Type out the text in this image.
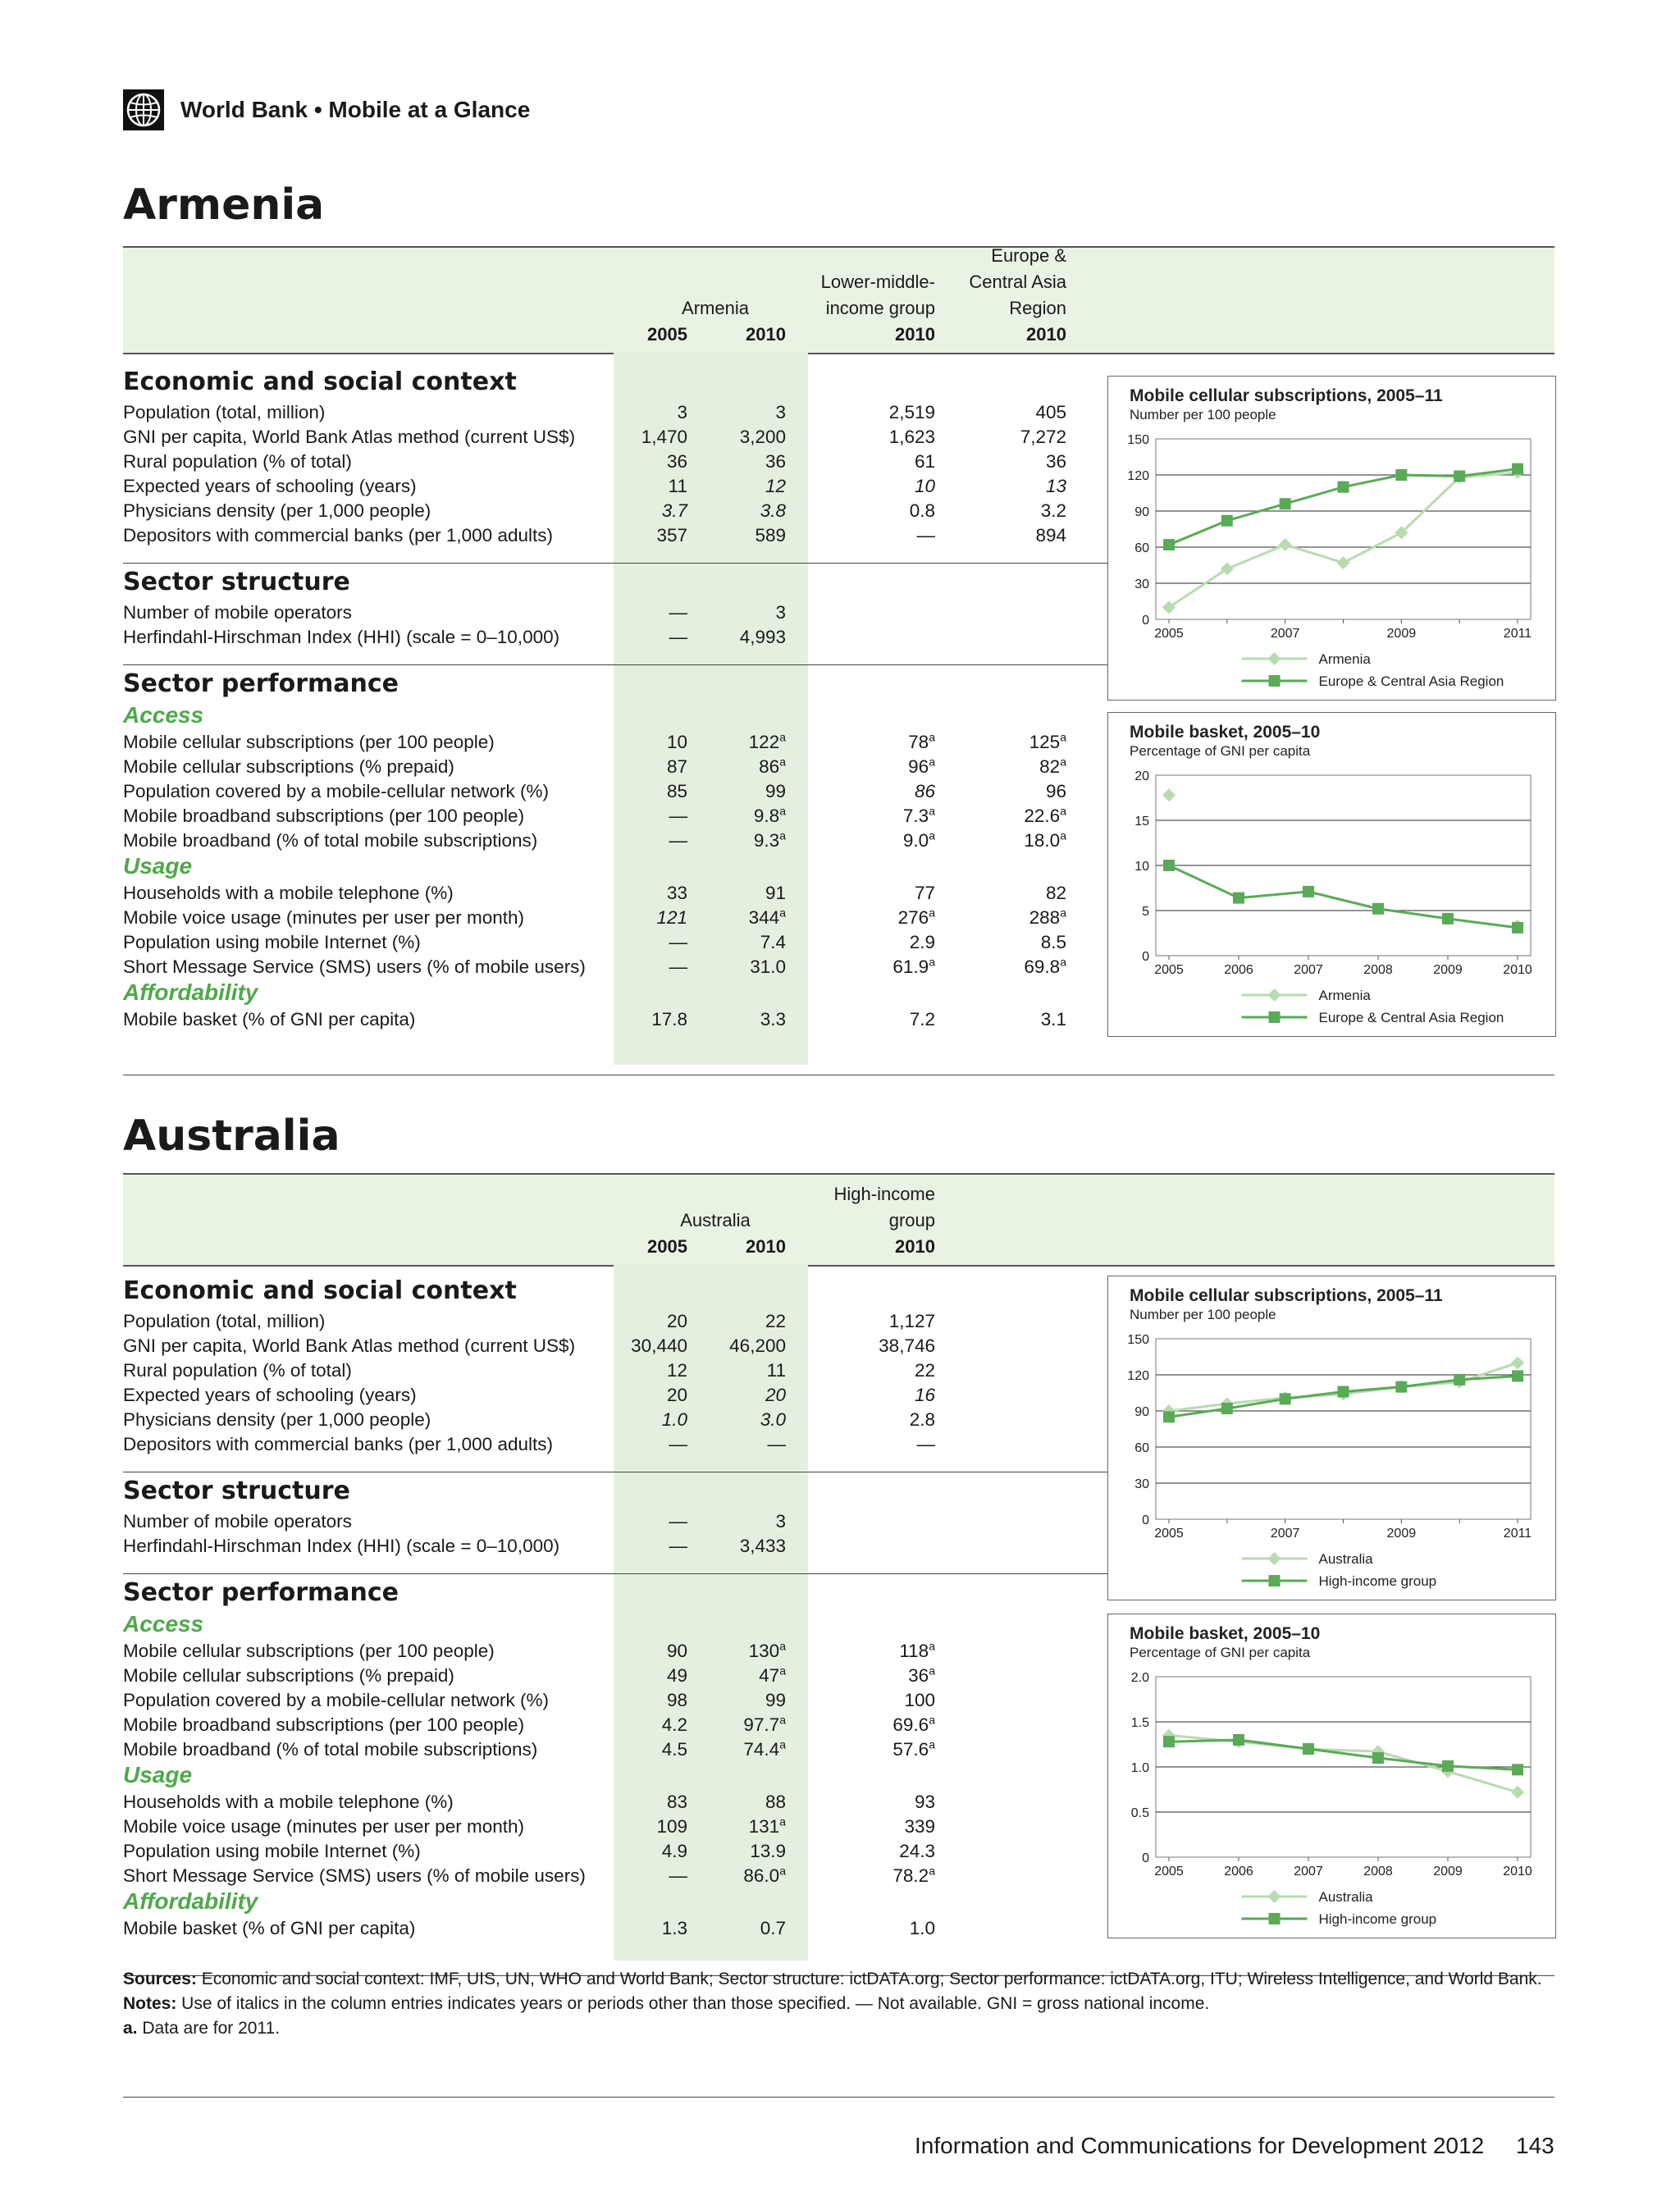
World Bank • Mobile at a Glance
Armenia
Armenia
2005	2010
Lower-middle-
income group
2010
Europe &
Central Asia
Region
2010
Economic and social context
Population (total, million)	3	3	2,519	405
GNI per capita, World Bank Atlas method (current US$)	1,470	3,200	1,623	7,272
Rural population (% of total)	36	36	61	36
Expected years of schooling (years)	11	12	10	13
Physicians density (per 1,000 people)	3.7	3.8	0.8	3.2
Depositors with commercial banks (per 1,000 adults)	357	589	—	894
Sector structure
Number of mobile operators	—	3
Herfindahl-Hirschman Index (HHI) (scale = 0–10,000)	—	4,993
Sector performance
Access
Mobile cellular subscriptions (per 100 people)	10	122$^a$	78$^a$	125$^a$
Mobile cellular subscriptions (% prepaid)	87	86$^a$	96$^a$	82$^a$
Population covered by a mobile-cellular network (%)	85	99	86	96
Mobile broadband subscriptions (per 100 people)	—	9.8$^a$	7.3$^a$	22.6$^a$
Mobile broadband (% of total mobile subscriptions)	—	9.3$^a$	9.0$^a$	18.0$^a$
Usage
Households with a mobile telephone (%)	33	91	77	82
Mobile voice usage (minutes per user per month)	121	344$^a$	276$^a$	288$^a$
Population using mobile Internet (%)	—	7.4	2.9	8.5
Short Message Service (SMS) users (% of mobile users)	—	31.0	61.9$^a$	69.8$^a$
Affordability
Mobile basket (% of GNI per capita)	17.8	3.3	7.2	3.1
Australia
Australia
2005	2010
High-income
group
2010
Economic and social context
Population (total, million)	20	22	1,127
GNI per capita, World Bank Atlas method (current US$)	30,440	46,200	38,746
Rural population (% of total)	12	11	22
Expected years of schooling (years)	20	20	16
Physicians density (per 1,000 people)	1.0	3.0	2.8
Depositors with commercial banks (per 1,000 adults)	—	—	—
Sector structure
Number of mobile operators	—	3
Herfindahl-Hirschman Index (HHI) (scale = 0–10,000)	—	3,433
Sector performance
Access
Mobile cellular subscriptions (per 100 people)	90	130$^a$	118$^a$
Mobile cellular subscriptions (% prepaid)	49	47$^a$	36$^a$
Population covered by a mobile-cellular network (%)	98	99	100
Mobile broadband subscriptions (per 100 people)	4.2	97.7$^a$	69.6$^a$
Mobile broadband (% of total mobile subscriptions)	4.5	74.4$^a$	57.6$^a$
Usage
Households with a mobile telephone (%)	83	88	93
Mobile voice usage (minutes per user per month)	109	131$^a$	339
Population using mobile Internet (%)	4.9	13.9	24.3
Short Message Service (SMS) users (% of mobile users)	—	86.0$^a$	78.2$^a$
Affordability
Mobile basket (% of GNI per capita)	1.3	0.7	1.0
Sources: Economic and social context: IMF, UIS, UN, WHO and World Bank; Sector structure: ictDATA.org; Sector performance: ictDATA.org, ITU; Wireless Intelligence, and World Bank.
Notes: Use of italics in the column entries indicates years or periods other than those specified. — Not available. GNI = gross national income.
a. Data are for 2011.
Information and Communications for Development 2012 143
Mobile cellular subscriptions, 2005–11
Number per 100 people
0
30
60
90
120
150
2005	2007	2009	2011
Armenia
Europe & Central Asia Region
Mobile basket, 2005–10
Percentage of GNI per capita
0
5
10
15
20
2005	2006	2007	2008	2009	2010
Armenia
Europe & Central Asia Region
Mobile cellular subscriptions, 2005–11
Number per 100 people
0
30
60
90
120
150
2005	2007	2009	2011
Australia
High-income group
Mobile basket, 2005–10
Percentage of GNI per capita
0
0.5
1.0
1.5
2.0
2005	2006	2007	2008	2009	2010
Australia
High-income group
